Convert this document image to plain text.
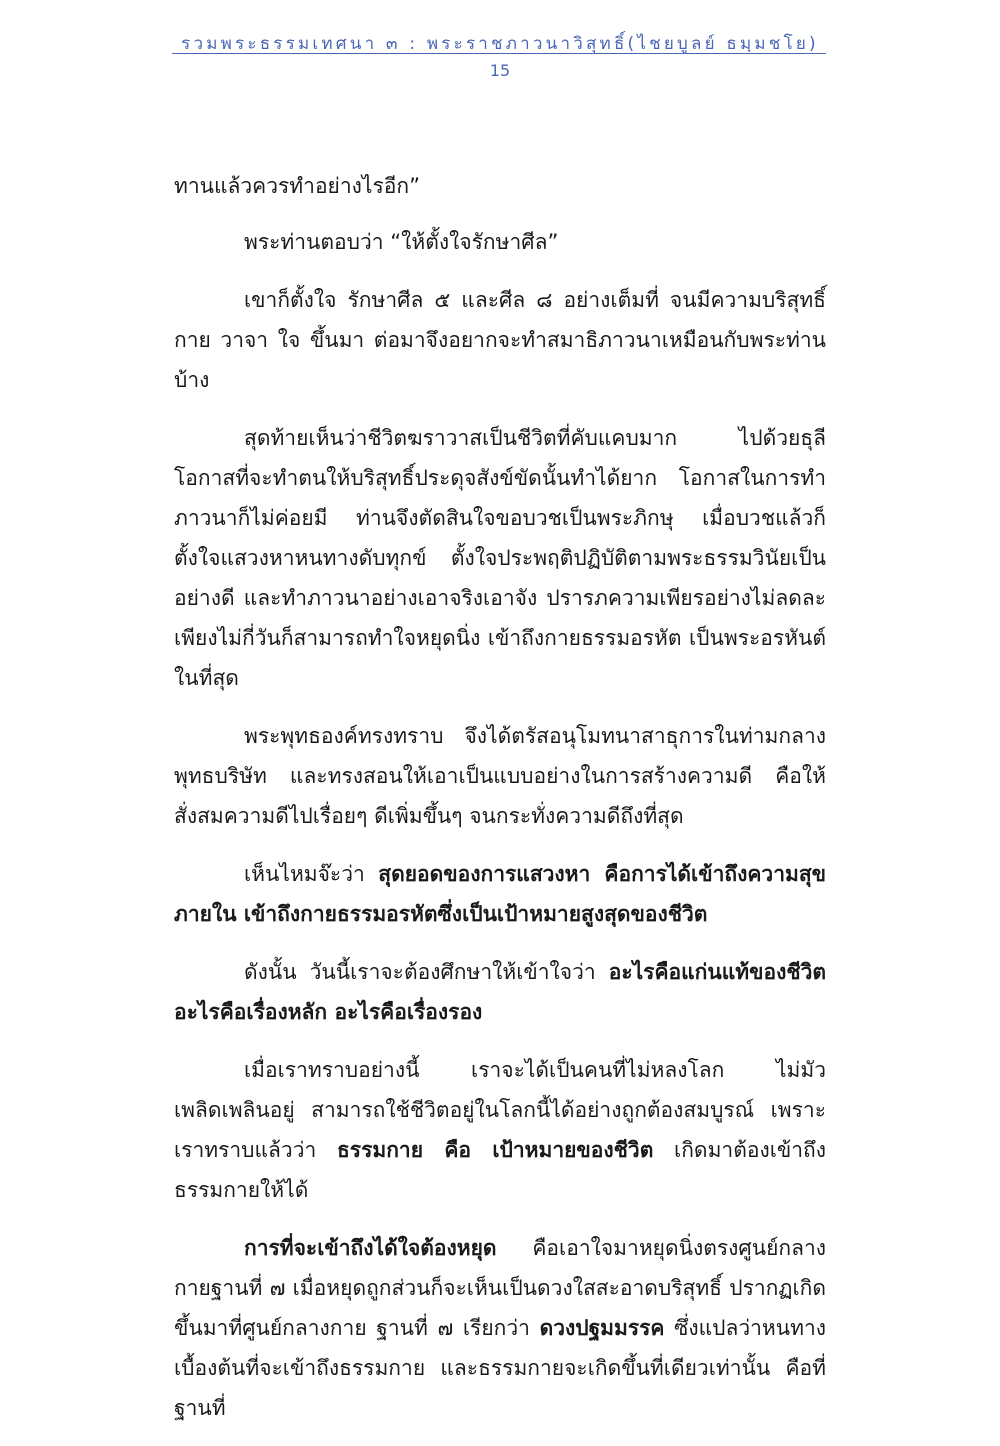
รวมพระธรรมเทศนา ๓ : พระราชภาวนาวิสุทธิ์(ไชยบูลย์ ธมฺมชโย)
15

ทานแล้วควรทำอย่างไรอีก”

พระท่านตอบว่า “ให้ตั้งใจรักษาศีล”

เขาก็ตั้งใจ รักษาศีล ๕ และศีล ๘ อย่างเต็มที่ จนมีความบริสุทธิ์กาย วาจา ใจ ขึ้นมา ต่อมาจึงอยากจะทำสมาธิภาวนาเหมือนกับพระท่านบ้าง

สุดท้ายเห็นว่าชีวิตฆราวาสเป็นชีวิตที่คับแคบมาก ไปด้วยธุลี โอกาสที่จะทำตนให้บริสุทธิ์ประดุจสังข์ขัดนั้นทำได้ยาก โอกาสในการทำภาวนาก็ไม่ค่อยมี ท่านจึงตัดสินใจขอบวชเป็นพระภิกษุ เมื่อบวชแล้วก็ตั้งใจแสวงหาหนทางดับทุกข์ ตั้งใจประพฤติปฏิบัติตามพระธรรมวินัยเป็นอย่างดี และทำภาวนาอย่างเอาจริงเอาจัง ปรารภความเพียรอย่างไม่ลดละ เพียงไม่กี่วันก็สามารถทำใจหยุดนิ่ง เข้าถึงกายธรรมอรหัต เป็นพระอรหันต์ในที่สุด

พระพุทธองค์ทรงทราบ จึงได้ตรัสอนุโมทนาสาธุการในท่ามกลางพุทธบริษัท และทรงสอนให้เอาเป็นแบบอย่างในการสร้างความดี คือให้สั่งสมความดีไปเรื่อยๆ ดีเพิ่มขึ้นๆ จนกระทั่งความดีถึงที่สุด

เห็นไหมจ๊ะว่า สุดยอดของการแสวงหา คือการได้เข้าถึงความสุขภายใน เข้าถึงกายธรรมอรหัตซึ่งเป็นเป้าหมายสูงสุดของชีวิต

ดังนั้น วันนี้เราจะต้องศึกษาให้เข้าใจว่า อะไรคือแก่นแท้ของชีวิต อะไรคือเรื่องหลัก อะไรคือเรื่องรอง

เมื่อเราทราบอย่างนี้ เราจะได้เป็นคนที่ไม่หลงโลก ไม่มัวเพลิดเพลินอยู่ สามารถใช้ชีวิตอยู่ในโลกนี้ได้อย่างถูกต้องสมบูรณ์ เพราะเราทราบแล้วว่า ธรรมกาย คือ เป้าหมายของชีวิต เกิดมาต้องเข้าถึงธรรมกายให้ได้

การที่จะเข้าถึงได้ใจต้องหยุด คือเอาใจมาหยุดนิ่งตรงศูนย์กลางกายฐานที่ ๗ เมื่อหยุดถูกส่วนก็จะเห็นเป็นดวงใสสะอาดบริสุทธิ์ ปรากฏเกิดขึ้นมาที่ศูนย์กลางกาย ฐานที่ ๗ เรียกว่า ดวงปฐมมรรค ซึ่งแปลว่าหนทางเบื้องต้นที่จะเข้าถึงธรรมกาย และธรรมกายจะเกิดขึ้นที่เดียวเท่านั้น คือที่ฐานที่
